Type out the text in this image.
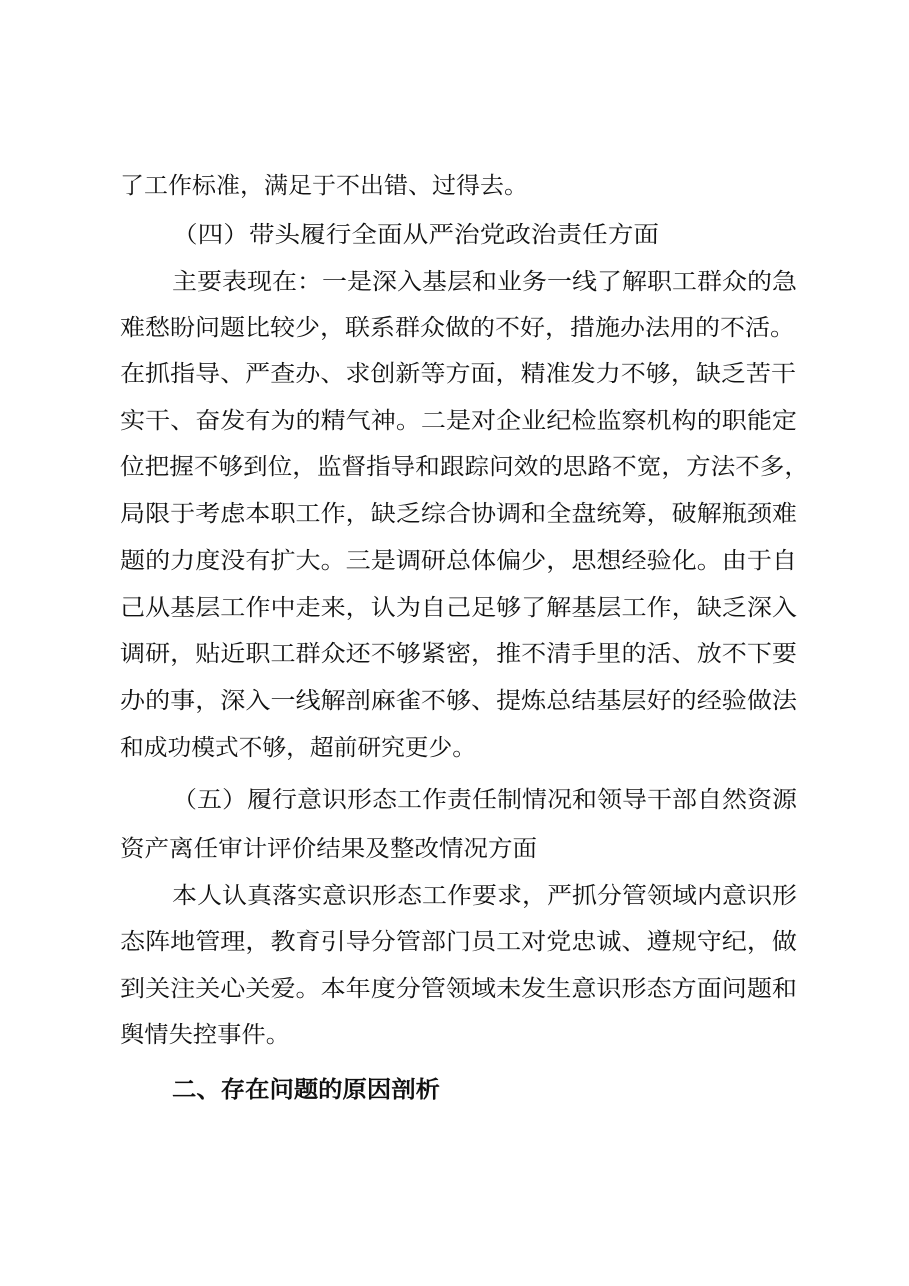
了工作标准，满足于不出错、过得去。
（四）带头履行全面从严治党政治责任方面
主要表现在：一是深入基层和业务一线了解职工群众的急
难愁盼问题比较少，联系群众做的不好，措施办法用的不活。
在抓指导、严查办、求创新等方面，精准发力不够，缺乏苦干
实干、奋发有为的精气神。二是对企业纪检监察机构的职能定
位把握不够到位，监督指导和跟踪问效的思路不宽，方法不多，
局限于考虑本职工作，缺乏综合协调和全盘统筹，破解瓶颈难
题的力度没有扩大。三是调研总体偏少，思想经验化。由于自
己从基层工作中走来，认为自己足够了解基层工作，缺乏深入
调研，贴近职工群众还不够紧密，推不清手里的活、放不下要
办的事，深入一线解剖麻雀不够、提炼总结基层好的经验做法
和成功模式不够，超前研究更少。
（五）履行意识形态工作责任制情况和领导干部自然资源
资产离任审计评价结果及整改情况方面
本人认真落实意识形态工作要求，严抓分管领域内意识形
态阵地管理，教育引导分管部门员工对党忠诚、遵规守纪，做
到关注关心关爱。本年度分管领域未发生意识形态方面问题和
舆情失控事件。
二、存在问题的原因剖析
